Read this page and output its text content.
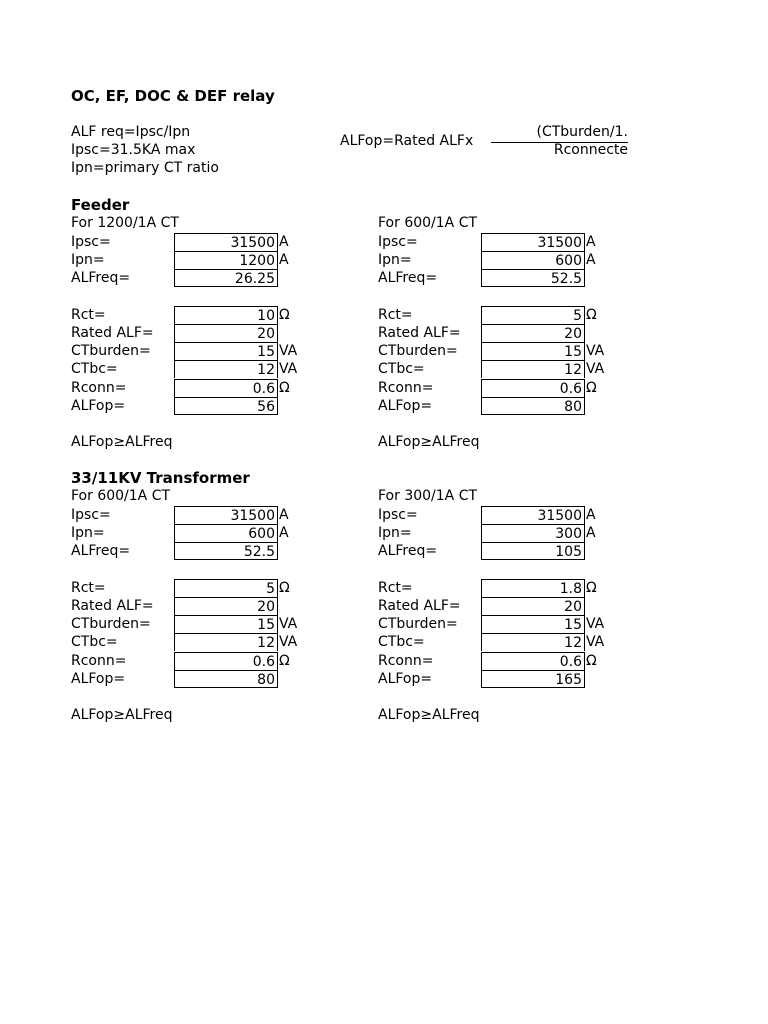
OC, EF, DOC & DEF relay
ALF req=Ipsc/Ipn
Ipsc=31.5KA max
Ipn=primary CT ratio
ALFop=Rated ALFx
(CTburden/1.
Rconnecte
Feeder
For 1200/1A CT
Ipsc=	31500 A
Ipn=	1200 A
ALFreq=	26.25
Rct=	10 Ω
Rated ALF=	20
CTburden=	15 VA
CTbc=	12 VA
Rconn=	0.6 Ω
ALFop=	56
ALFop≥ALFreq
For 600/1A CT
Ipsc=	31500 A
Ipn=	600 A
ALFreq=	52.5
Rct=	5 Ω
Rated ALF=	20
CTburden=	15 VA
CTbc=	12 VA
Rconn=	0.6 Ω
ALFop=	80
ALFop≥ALFreq
33/11KV Transformer
For 600/1A CT
Ipsc=	31500 A
Ipn=	600 A
ALFreq=	52.5
Rct=	5 Ω
Rated ALF=	20
CTburden=	15 VA
CTbc=	12 VA
Rconn=	0.6 Ω
ALFop=	80
ALFop≥ALFreq
For 300/1A CT
Ipsc=	31500 A
Ipn=	300 A
ALFreq=	105
Rct=	1.8 Ω
Rated ALF=	20
CTburden=	15 VA
CTbc=	12 VA
Rconn=	0.6 Ω
ALFop=	165
ALFop≥ALFreq
